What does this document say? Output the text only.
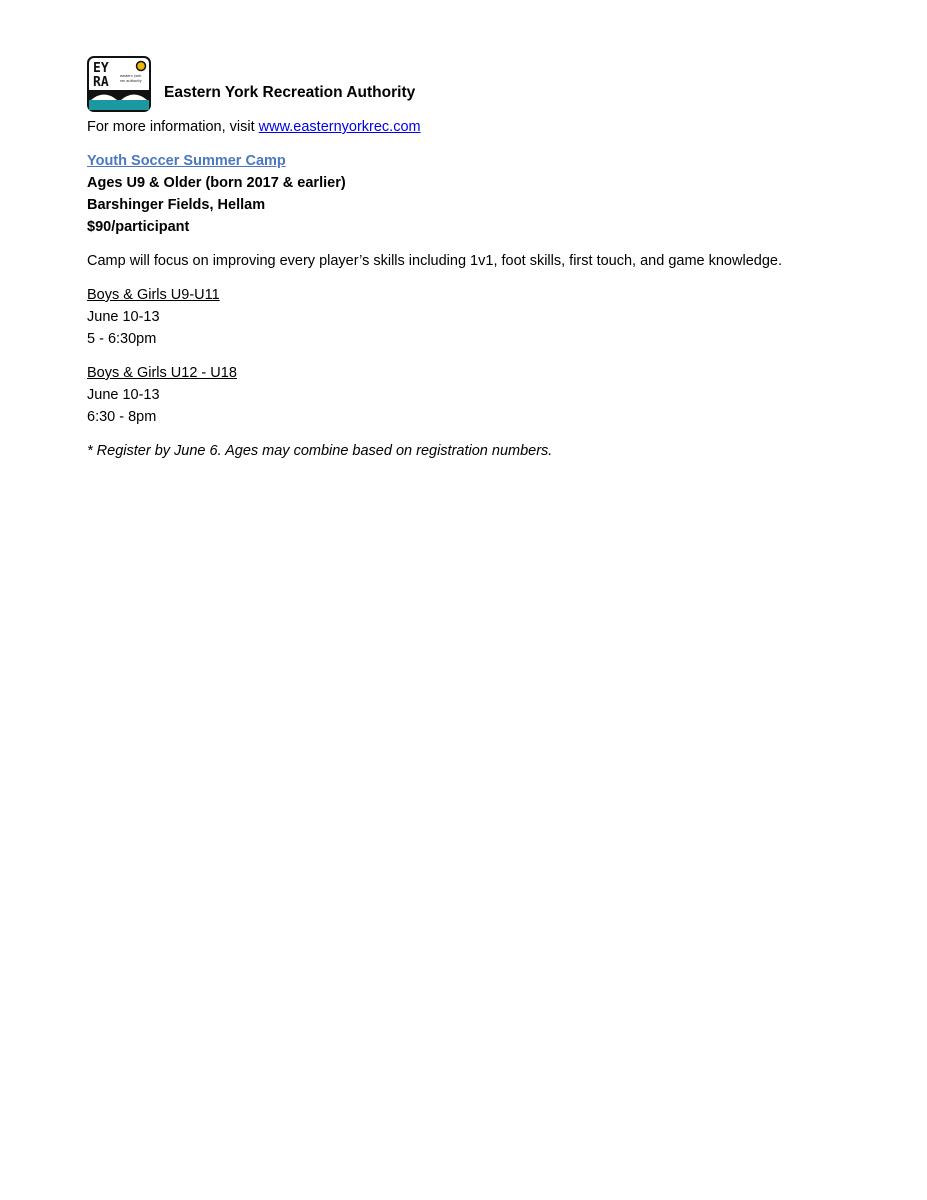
EY
RA	eastern york
rec authority
Eastern York Recreation Authority
For more information, visit www.easternyorkrec.com
Youth Soccer Summer Camp
Ages U9 & Older (born 2017 & earlier)
Barshinger Fields, Hellam
$90/participant
Camp will focus on improving every player’s skills including 1v1, foot skills, first touch, and game knowledge.
Boys & Girls U9-U11
June 10-13
5 - 6:30pm
Boys & Girls U12 - U18
June 10-13
6:30 - 8pm
* Register by June 6. Ages may combine based on registration numbers.
